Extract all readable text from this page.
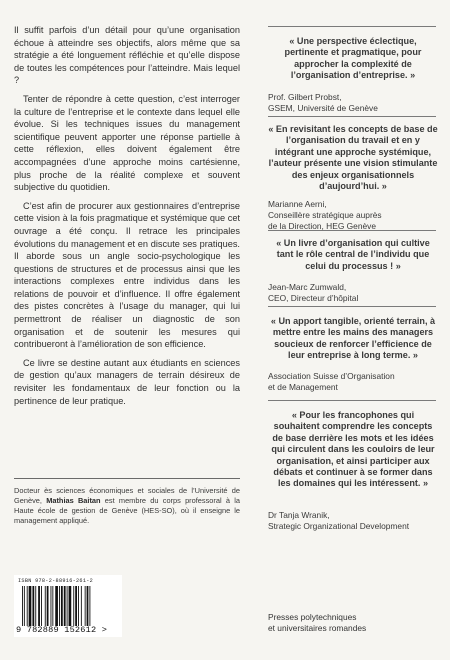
Il suffit parfois d’un détail pour qu’une organisation échoue à atteindre ses objectifs, alors même que sa stratégie a été longuement réfléchie et qu’elle dispose de toutes les compétences pour l’atteindre. Mais lequel ?

Tenter de répondre à cette question, c’est interroger la culture de l’entreprise et le contexte dans lequel elle évolue. Si les techniques issues du management scientifique peuvent apporter une réponse partielle à cette réflexion, elles doivent également être accompagnées d’une approche moins cartésienne, plus proche de la réalité complexe et souvent subjective du quotidien.

C’est afin de procurer aux gestionnaires d’entreprise cette vision à la fois pragmatique et systémique que cet ouvrage a été conçu. Il retrace les principales évolutions du management et en discute ses pratiques. Il aborde sous un angle socio-psychologique les questions de structures et de processus ainsi que les interactions complexes entre individus dans les relations de pouvoir et d’influence. Il offre également des pistes concrètes à l’usage du manager, qui lui permettront de réaliser un diagnostic de son organisation et de soutenir les mesures qui contribueront à l’amélioration de son efficience.

Ce livre se destine autant aux étudiants en sciences de gestion qu’aux managers de terrain désireux de revisiter les fondamentaux de leur fonction ou la pertinence de leur pratique.

Docteur ès sciences économiques et sociales de l’Université de Genève, Mathias Baitan est membre du corps professoral à la Haute école de gestion de Genève (HES-SO), où il enseigne le management appliqué.
ISBN 978-2-88916-261-2
9 782889 152612 >
« Une perspective éclectique, pertinente et pragmatique, pour approcher la complexité de l’organisation d’entreprise. »
Prof. Gilbert Probst,
GSEM, Université de Genève
« En revisitant les concepts de base de l’organisation du travail et en y intégrant une approche systémique, l’auteur présente une vision stimulante des enjeux organisationnels d’aujourd’hui. »
Marianne Aerni,
Conseillère stratégique auprès
de la Direction, HEG Genève
« Un livre d’organisation qui cultive tant le rôle central de l’individu que celui du processus ! »
Jean-Marc Zumwald,
CEO, Directeur d’hôpital
« Un apport tangible, orienté terrain, à mettre entre les mains des managers soucieux de renforcer l’efficience de leur entreprise à long terme. »
Association Suisse d’Organisation
et de Management
« Pour les francophones qui souhaitent comprendre les concepts de base derrière les mots et les idées qui circulent dans les couloirs de leur organisation, et ainsi participer aux débats et continuer à se former dans les domaines qui les intéressent. »
Dr Tanja Wranik,
Strategic Organizational Development
Presses polytechniques
et universitaires romandes
